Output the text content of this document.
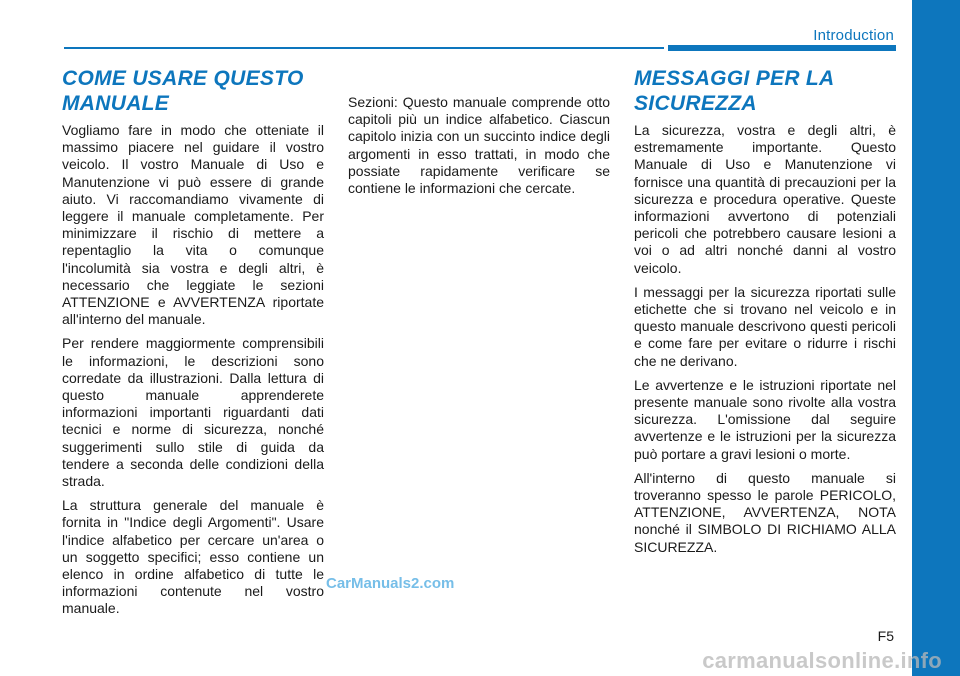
Introduction
COME USARE QUESTO MANUALE

Vogliamo fare in modo che otteniate il massimo piacere nel guidare il vostro veicolo. Il vostro Manuale di Uso e Manutenzione vi può essere di grande aiuto. Vi raccomandiamo vivamente di leggere il manuale completamente. Per minimizzare il rischio di mettere a repentaglio la vita o comunque l'incolumità sia vostra e degli altri, è necessario che leggiate le sezioni ATTENZIONE e AVVERTENZA riportate all'interno del manuale.

Per rendere maggiormente comprensibili le informazioni, le descrizioni sono corredate da illustrazioni. Dalla lettura di questo manuale apprenderete informazioni importanti riguardanti dati tecnici e norme di sicurezza, nonché suggerimenti sullo stile di guida da tendere a seconda delle condizioni della strada.

La struttura generale del manuale è fornita in "Indice degli Argomenti". Usare l'indice alfabetico per cercare un'area o un soggetto specifici; esso contiene un elenco in ordine alfabetico di tutte le informazioni contenute nel vostro manuale.

Sezioni: Questo manuale comprende otto capitoli più un indice alfabetico. Ciascun capitolo inizia con un succinto indice degli argomenti in esso trattati, in modo che possiate rapidamente verificare se contiene le informazioni che cercate.

MESSAGGI PER LA SICUREZZA

La sicurezza, vostra e degli altri, è estremamente importante. Questo Manuale di Uso e Manutenzione vi fornisce una quantità di precauzioni per la sicurezza e procedura operative. Queste informazioni avvertono di potenziali pericoli che potrebbero causare lesioni a voi o ad altri nonché danni al vostro veicolo.

I messaggi per la sicurezza riportati sulle etichette che si trovano nel veicolo e in questo manuale descrivono questi pericoli e come fare per evitare o ridurre i rischi che ne derivano.

Le avvertenze e le istruzioni riportate nel presente manuale sono rivolte alla vostra sicurezza. L'omissione dal seguire avvertenze e le istruzioni per la sicurezza può portare a gravi lesioni o morte.

All'interno di questo manuale si troveranno spesso le parole PERICOLO, ATTENZIONE, AVVERTENZA, NOTA nonché il SIMBOLO DI RICHIAMO ALLA SICUREZZA.

F5
CarManuals2.com
carmanualsonline.info
